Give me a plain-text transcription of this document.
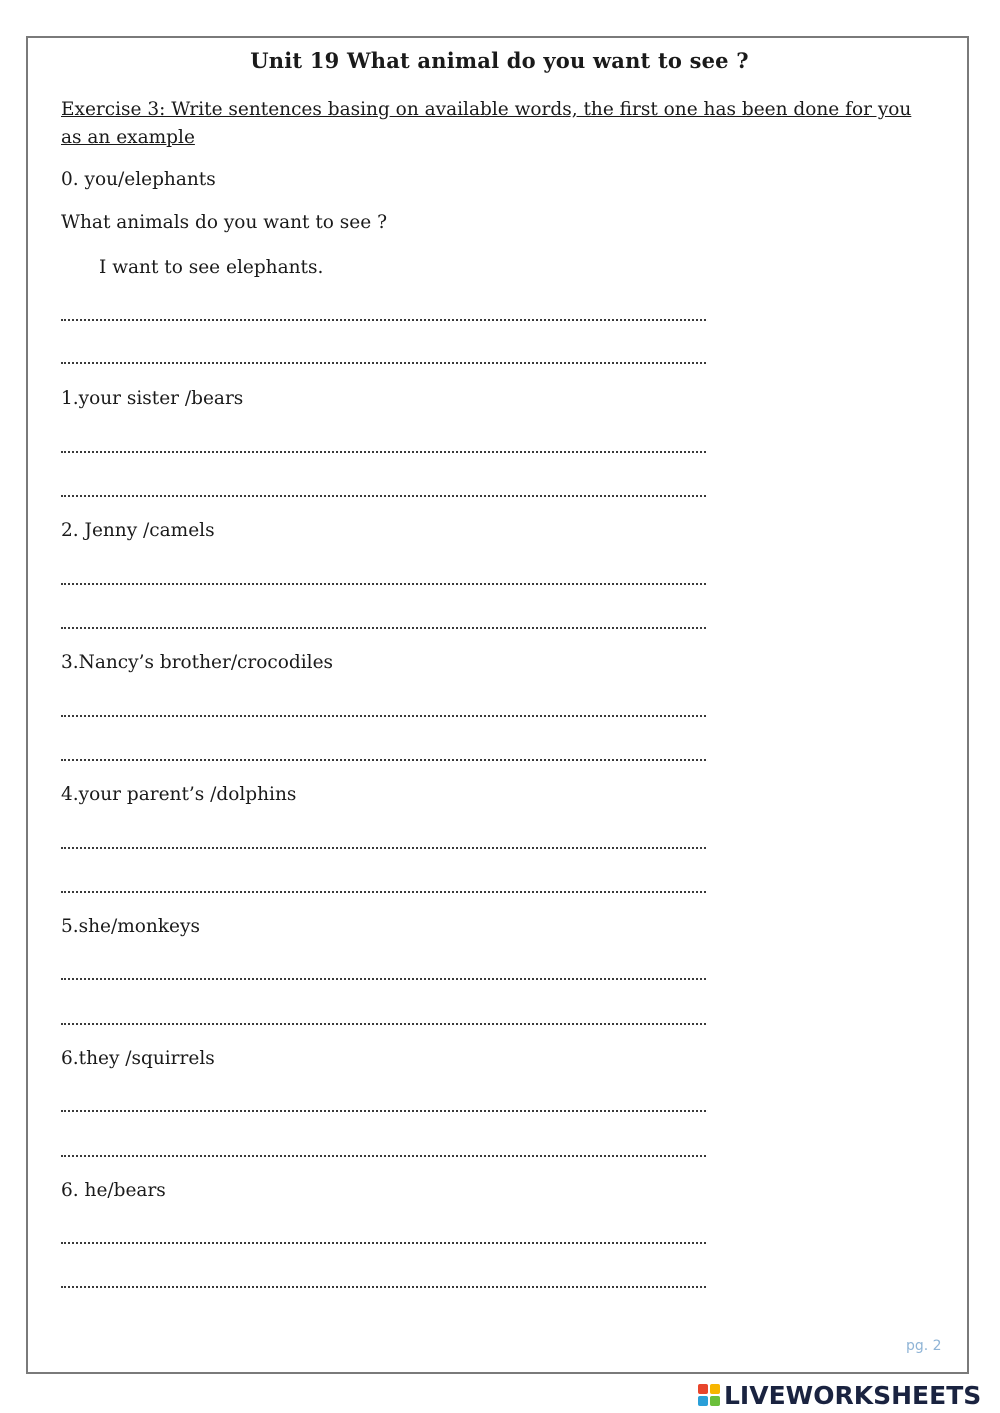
Unit 19 What animal do you want to see ?
Exercise 3: Write sentences basing on available words, the first one has been done for you as an example
0. you/elephants
What animals do you want to see ?
I want to see elephants.
1.your sister /bears
2. Jenny /camels
3.Nancy’s brother/crocodiles
4.your parent’s /dolphins
5.she/monkeys
6.they /squirrels
6. he/bears
pg. 2
LIVEWORKSHEETS
